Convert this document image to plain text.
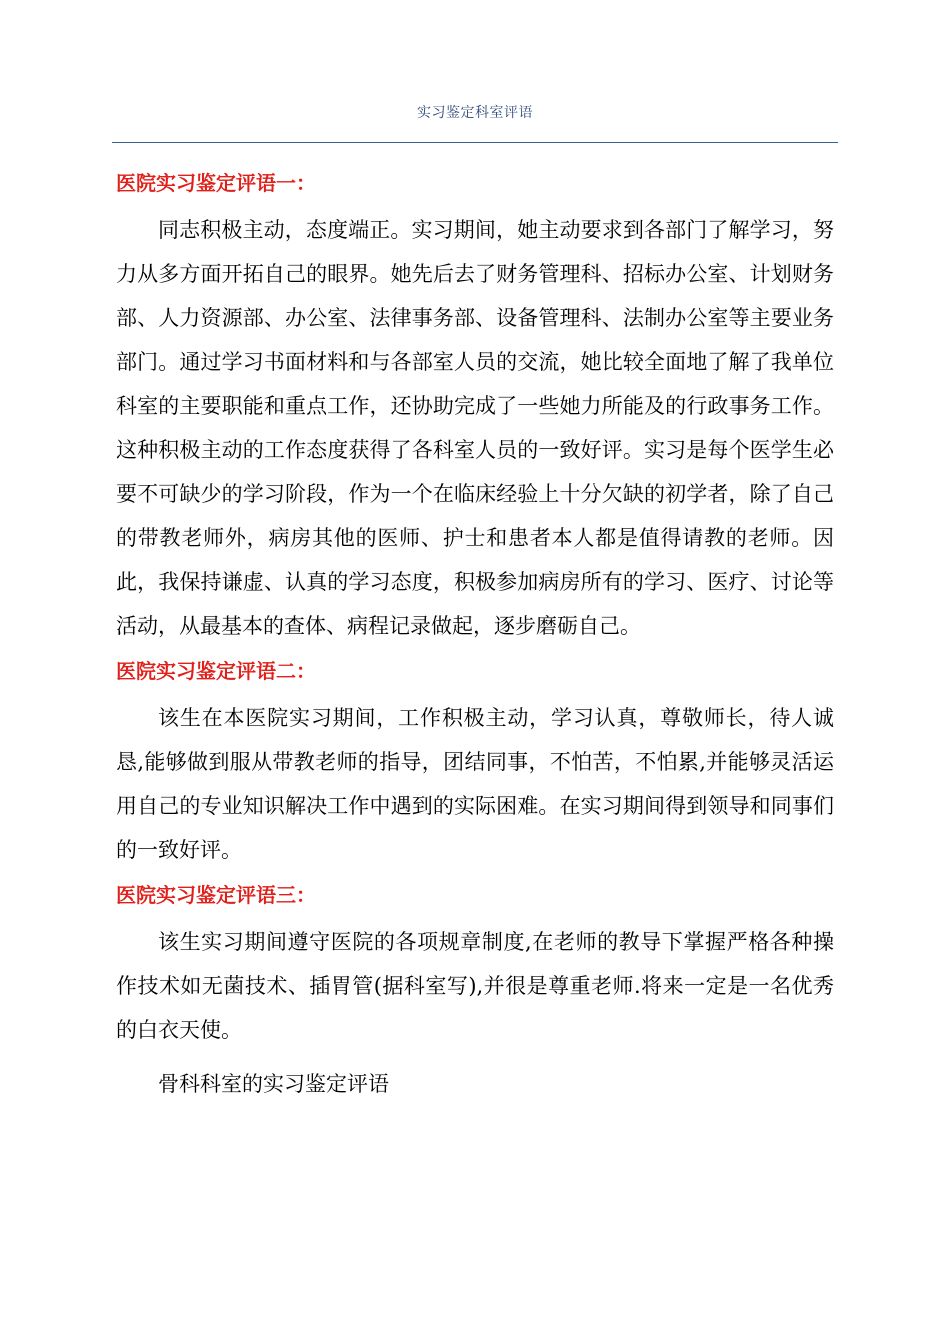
实习鉴定科室评语
医院实习鉴定评语一：

同志积极主动，态度端正。实习期间，她主动要求到各部门了解学习，努力从多方面开拓自己的眼界。她先后去了财务管理科、招标办公室、计划财务部、人力资源部、办公室、法律事务部、设备管理科、法制办公室等主要业务部门。通过学习书面材料和与各部室人员的交流，她比较全面地了解了我单位科室的主要职能和重点工作，还协助完成了一些她力所能及的行政事务工作。这种积极主动的工作态度获得了各科室人员的一致好评。实习是每个医学生必要不可缺少的学习阶段，作为一个在临床经验上十分欠缺的初学者，除了自己的带教老师外，病房其他的医师、护士和患者本人都是值得请教的老师。因此，我保持谦虚、认真的学习态度，积极参加病房所有的学习、医疗、讨论等活动，从最基本的查体、病程记录做起，逐步磨砺自己。

医院实习鉴定评语二：

该生在本医院实习期间，工作积极主动，学习认真，尊敬师长，待人诚恳,能够做到服从带教老师的指导，团结同事，不怕苦，不怕累,并能够灵活运用自己的专业知识解决工作中遇到的实际困难。在实习期间得到领导和同事们的一致好评。

医院实习鉴定评语三：

该生实习期间遵守医院的各项规章制度,在老师的教导下掌握严格各种操作技术如无菌技术、插胃管(据科室写),并很是尊重老师.将来一定是一名优秀的白衣天使。

骨科科室的实习鉴定评语
